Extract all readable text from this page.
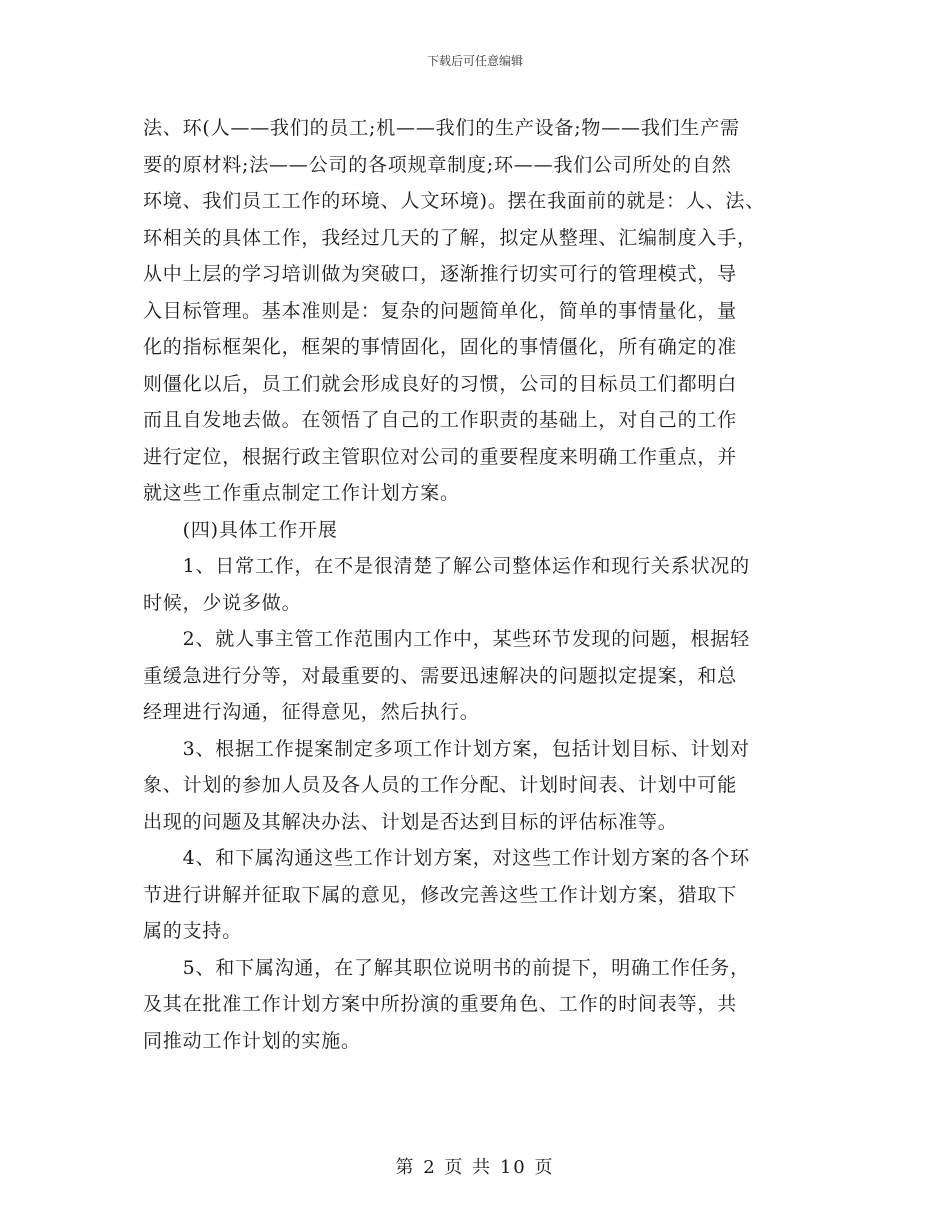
下载后可任意编辑

法、环(人——我们的员工;机——我们的生产设备;物——我们生产需

要的原材料;法——公司的各项规章制度;环——我们公司所处的自然

环境、我们员工工作的环境、人文环境)。摆在我面前的就是：人、法、

环相关的具体工作，我经过几天的了解，拟定从整理、汇编制度入手，

从中上层的学习培训做为突破口，逐渐推行切实可行的管理模式，导

入目标管理。基本准则是：复杂的问题简单化，简单的事情量化，量

化的指标框架化，框架的事情固化，固化的事情僵化，所有确定的准

则僵化以后，员工们就会形成良好的习惯，公司的目标员工们都明白

而且自发地去做。在领悟了自己的工作职责的基础上，对自己的工作

进行定位，根据行政主管职位对公司的重要程度来明确工作重点，并

就这些工作重点制定工作计划方案。

　　(四)具体工作开展

　　1、日常工作，在不是很清楚了解公司整体运作和现行关系状况的

时候，少说多做。

　　2、就人事主管工作范围内工作中，某些环节发现的问题，根据轻

重缓急进行分等，对最重要的、需要迅速解决的问题拟定提案，和总

经理进行沟通，征得意见，然后执行。

　　3、根据工作提案制定多项工作计划方案，包括计划目标、计划对

象、计划的参加人员及各人员的工作分配、计划时间表、计划中可能

出现的问题及其解决办法、计划是否达到目标的评估标准等。

　　4、和下属沟通这些工作计划方案，对这些工作计划方案的各个环

节进行讲解并征取下属的意见，修改完善这些工作计划方案，猎取下

属的支持。

　　5、和下属沟通，在了解其职位说明书的前提下，明确工作任务，

及其在批准工作计划方案中所扮演的重要角色、工作的时间表等，共

同推动工作计划的实施。

第 2 页 共 10 页
